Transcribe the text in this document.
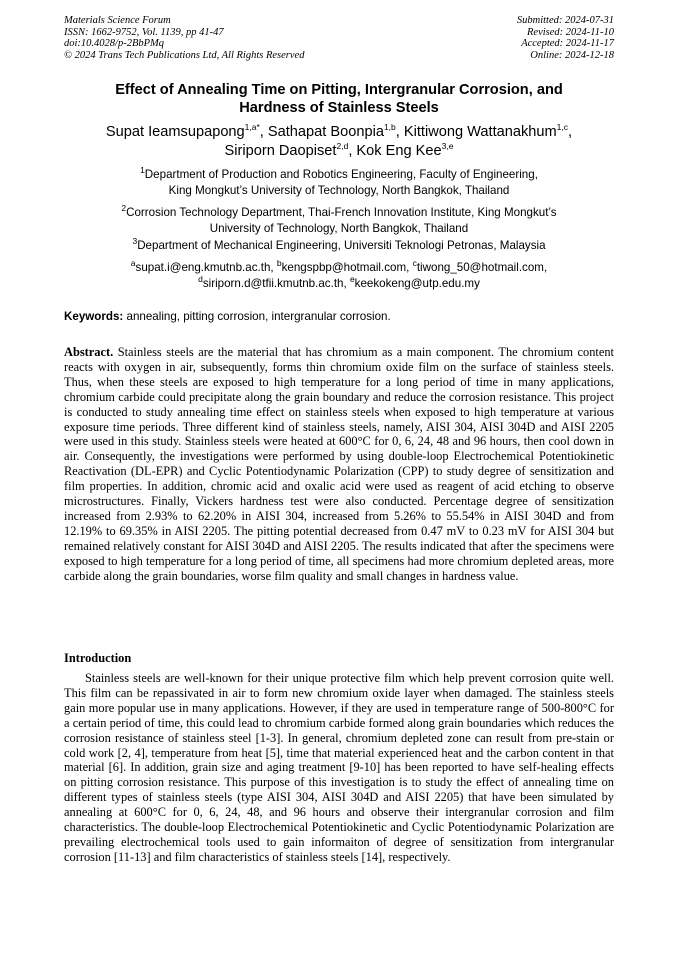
Materials Science Forum
ISSN: 1662-9752, Vol. 1139, pp 41-47
doi:10.4028/p-2BbPMq
© 2024 Trans Tech Publications Ltd, All Rights Reserved
Submitted: 2024-07-31
Revised: 2024-11-10
Accepted: 2024-11-17
Online: 2024-12-18
Effect of Annealing Time on Pitting, Intergranular Corrosion, and
Hardness of Stainless Steels
Supat Ieamsupapong$^{1,a*}$, Sathapat Boonpia$^{1,b}$, Kittiwong Wattanakhum$^{1,c}$,
Siriporn Daopiset$^{2,d}$, Kok Eng Kee$^{3,e}$
$^1$Department of Production and Robotics Engineering, Faculty of Engineering,
King Mongkut’s University of Technology, North Bangkok, Thailand
$^2$Corrosion Technology Department, Thai-French Innovation Institute, King Mongkut’s
University of Technology, North Bangkok, Thailand
$^3$Department of Mechanical Engineering, Universiti Teknologi Petronas, Malaysia
$^a$supat.i@eng.kmutnb.ac.th, $^b$kengspbp@hotmail.com, $^c$tiwong_50@hotmail.com,
$^d$siriporn.d@tfii.kmutnb.ac.th, $^e$keekokeng@utp.edu.my
Keywords: annealing, pitting corrosion, intergranular corrosion.
Abstract. Stainless steels are the material that has chromium as a main component. The chromium content reacts with oxygen in air, subsequently, forms thin chromium oxide film on the surface of stainless steels. Thus, when these steels are exposed to high temperature for a long period of time in many applications, chromium carbide could precipitate along the grain boundary and reduce the corrosion resistance. This project is conducted to study annealing time effect on stainless steels when exposed to high temperature at various exposure time periods. Three different kind of stainless steels, namely, AISI 304, AISI 304D and AISI 2205 were used in this study. Stainless steels were heated at 600°C for 0, 6, 24, 48 and 96 hours, then cool down in air. Consequently, the investigations were performed by using double-loop Electrochemical Potentiokinetic Reactivation (DL-EPR) and Cyclic Potentiodynamic Polarization (CPP) to study degree of sensitization and film properties. In addition, chromic acid and oxalic acid were used as reagent of acid etching to observe microstructures. Finally, Vickers hardness test were also conducted. Percentage degree of sensitization increased from 2.93% to 62.20% in AISI 304, increased from 5.26% to 55.54% in AISI 304D and from 12.19% to 69.35% in AISI 2205. The pitting potential decreased from 0.47 mV to 0.23 mV for AISI 304 but remained relatively constant for AISI 304D and AISI 2205. The results indicated that after the specimens were exposed to high temperature for a long period of time, all specimens had more chromium depleted areas, more carbide along the grain boundaries, worse film quality and small changes in hardness value.
Introduction
Stainless steels are well-known for their unique protective film which help prevent corrosion quite well. This film can be repassivated in air to form new chromium oxide layer when damaged. The stainless steels gain more popular use in many applications. However, if they are used in temperature range of 500-800°C for a certain period of time, this could lead to chromium carbide formed along grain boundaries which reduces the corrosion resistance of stainless steel [1-3]. In general, chromium depleted zone can result from pre-stain or cold work [2, 4], temperature from heat [5], time that material experienced heat and the carbon content in that material [6]. In addition, grain size and aging treatment [9-10] has been reported to have self-healing effects on pitting corrosion resistance. This purpose of this investigation is to study the effect of annealing time on different types of stainless steels (type AISI 304, AISI 304D and AISI 2205) that have been simulated by annealing at 600°C for 0, 6, 24, 48, and 96 hours and observe their intergranular corrosion and film characteristics. The double-loop Electrochemical Potentiokinetic and Cyclic Potentiodynamic Polarization are prevailing electrochemical tools used to gain informaiton of degree of sensitization from intergranular corrosion [11-13] and film characteristics of stainless steels [14], respectively.
